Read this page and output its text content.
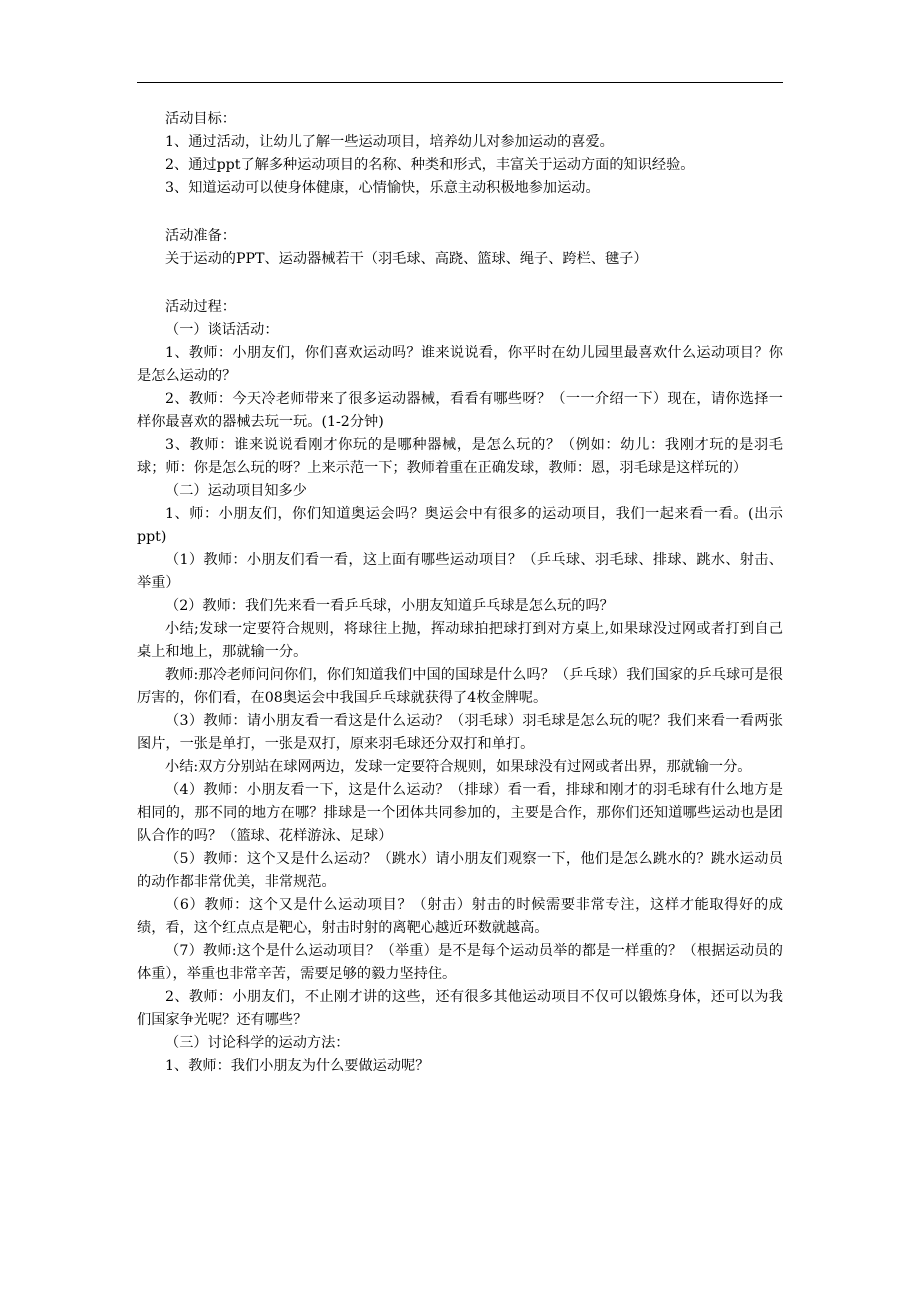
活动目标：

1、通过活动，让幼儿了解一些运动项目，培养幼儿对参加运动的喜爱。

2、通过ppt了解多种运动项目的名称、种类和形式，丰富关于运动方面的知识经验。

3、知道运动可以使身体健康，心情愉快，乐意主动积极地参加运动。

活动准备：

关于运动的PPT、运动器械若干（羽毛球、高跷、篮球、绳子、跨栏、毽子）

活动过程：

（一）谈话活动：

1、教师：小朋友们，你们喜欢运动吗？谁来说说看，你平时在幼儿园里最喜欢什么运动项目？你是怎么运动的？

2、教师：今天冷老师带来了很多运动器械，看看有哪些呀？（一一介绍一下）现在，请你选择一样你最喜欢的器械去玩一玩。(1-2分钟)

3、教师：谁来说说看刚才你玩的是哪种器械，是怎么玩的？（例如：幼儿：我刚才玩的是羽毛球；师：你是怎么玩的呀？上来示范一下；教师着重在正确发球，教师：恩，羽毛球是这样玩的）

（二）运动项目知多少

1、师：小朋友们，你们知道奥运会吗？奥运会中有很多的运动项目，我们一起来看一看。(出示ppt)

（1）教师：小朋友们看一看，这上面有哪些运动项目？（乒乓球、羽毛球、排球、跳水、射击、举重）

（2）教师：我们先来看一看乒乓球，小朋友知道乒乓球是怎么玩的吗？

小结;发球一定要符合规则，将球往上抛，挥动球拍把球打到对方桌上,如果球没过网或者打到自己桌上和地上，那就输一分。

教师:那冷老师问问你们，你们知道我们中国的国球是什么吗？（乒乓球）我们国家的乒乓球可是很厉害的，你们看，在08奥运会中我国乒乓球就获得了4枚金牌呢。

（3）教师：请小朋友看一看这是什么运动？（羽毛球）羽毛球是怎么玩的呢？我们来看一看两张图片，一张是单打，一张是双打，原来羽毛球还分双打和单打。

小结:双方分别站在球网两边，发球一定要符合规则，如果球没有过网或者出界，那就输一分。

（4）教师：小朋友看一下，这是什么运动？（排球）看一看，排球和刚才的羽毛球有什么地方是相同的，那不同的地方在哪？排球是一个团体共同参加的，主要是合作，那你们还知道哪些运动也是团队合作的吗？（篮球、花样游泳、足球）

（5）教师：这个又是什么运动？（跳水）请小朋友们观察一下，他们是怎么跳水的？跳水运动员的动作都非常优美，非常规范。

（6）教师：这个又是什么运动项目？（射击）射击的时候需要非常专注，这样才能取得好的成绩，看，这个红点点是靶心，射击时射的离靶心越近环数就越高。

（7）教师:这个是什么运动项目？（举重）是不是每个运动员举的都是一样重的？（根据运动员的体重），举重也非常辛苦，需要足够的毅力坚持住。

2、教师：小朋友们，不止刚才讲的这些，还有很多其他运动项目不仅可以锻炼身体，还可以为我们国家争光呢？还有哪些？

（三）讨论科学的运动方法：

1、教师：我们小朋友为什么要做运动呢？
